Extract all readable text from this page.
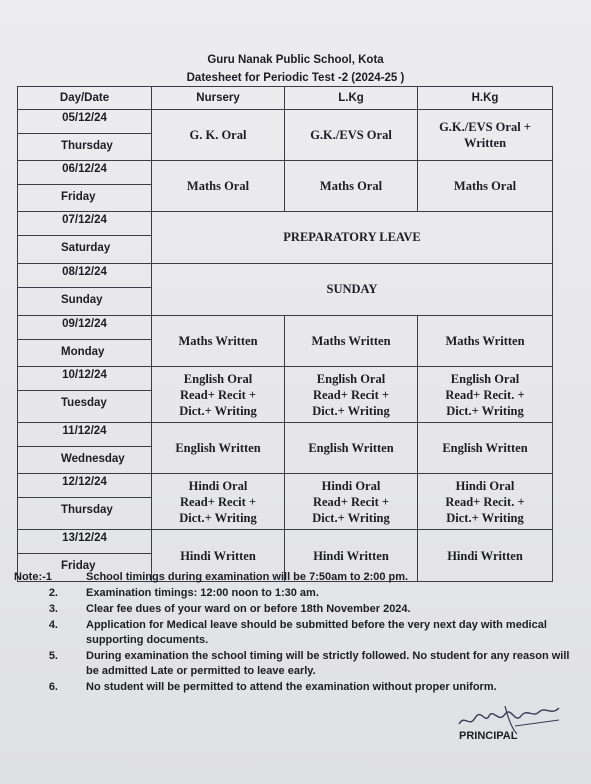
Guru Nanak Public School, Kota
Datesheet for Periodic Test -2 (2024-25 )
Day/Date	Nursery	L.Kg	H.Kg

05/12/24
Thursday	G. K. Oral	G.K./EVS Oral	G.K./EVS Oral +
Written

06/12/24
Friday	Maths Oral	Maths Oral	Maths Oral

07/12/24
Saturday	PREPARATORY LEAVE		

08/12/24
Sunday	SUNDAY		

09/12/24
Monday	Maths Written	Maths Written	Maths Written

10/12/24
Tuesday	English Oral
Read+ Recit +
Dict.+ Writing	English Oral
Read+ Recit +
Dict.+ Writing	English Oral
Read+ Recit. +
Dict.+ Writing

11/12/24
Wednesday	English Written	English Written	English Written

12/12/24
Thursday	Hindi Oral
Read+ Recit +
Dict.+ Writing	Hindi Oral
Read+ Recit +
Dict.+ Writing	Hindi Oral
Read+ Recit. +
Dict.+ Writing

13/12/24
Friday	Hindi Written	Hindi Written	Hindi Written
Note:-1	School timings during examination will be 7:50am to 2:00 pm.
2.	Examination timings: 12:00 noon to 1:30 am.
3.	Clear fee dues of your ward on or before 18th November 2024.
4.	Application for Medical leave should be submitted before the very next day with medical supporting documents.
5.	During examination the school timing will be strictly followed. No student for any reason will be admitted Late or permitted to leave early.
6.	No student will be permitted to attend the examination without proper uniform.
PRINCIPAL
